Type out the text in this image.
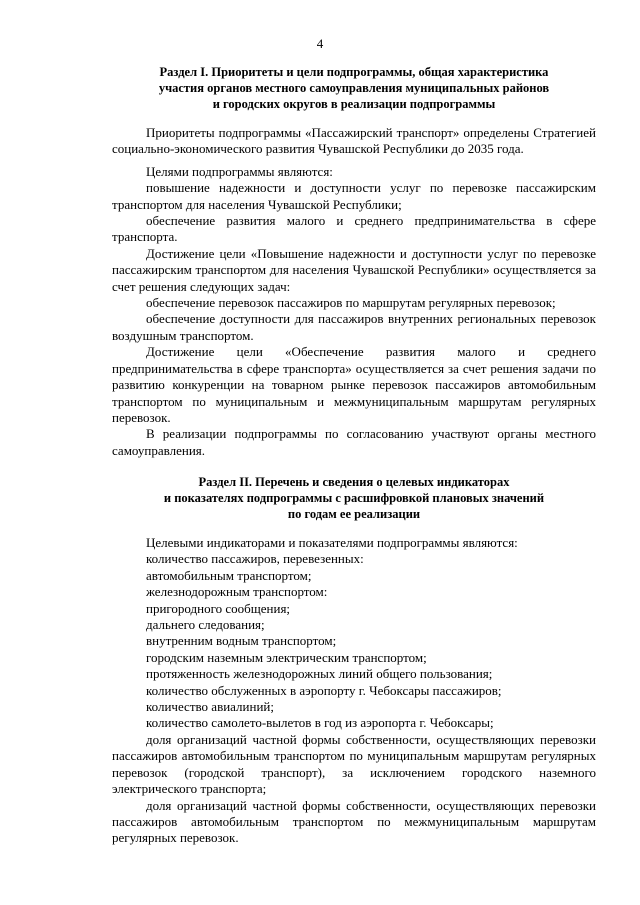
4
Раздел I. Приоритеты и цели подпрограммы, общая характеристика
участия органов местного самоуправления муниципальных районов
и городских округов в реализации подпрограммы

Приоритеты подпрограммы «Пассажирский транспорт» определены Стратегией социально-экономического развития Чувашской Республики до 2035 года.

Целями подпрограммы являются:

повышение надежности и доступности услуг по перевозке пассажирским транспортом для населения Чувашской Республики;

обеспечение развития малого и среднего предпринимательства в сфере транспорта.

Достижение цели «Повышение надежности и доступности услуг по перевозке пассажирским транспортом для населения Чувашской Республики» осуществляется за счет решения следующих задач:

обеспечение перевозок пассажиров по маршрутам регулярных перевозок;

обеспечение доступности для пассажиров внутренних региональных перевозок воздушным транспортом.

Достижение цели «Обеспечение развития малого и среднего предпринимательства в сфере транспорта» осуществляется за счет решения задачи по развитию конкуренции на товарном рынке перевозок пассажиров автомобильным транспортом по муниципальным и межмуниципальным маршрутам регулярных перевозок.

В реализации подпрограммы по согласованию участвуют органы местного самоуправления.

Раздел II. Перечень и сведения о целевых индикаторах
и показателях подпрограммы с расшифровкой плановых значений
по годам ее реализации

Целевыми индикаторами и показателями подпрограммы являются:

количество пассажиров, перевезенных:

автомобильным транспортом;

железнодорожным транспортом:

пригородного сообщения;

дальнего следования;

внутренним водным транспортом;

городским наземным электрическим транспортом;

протяженность железнодорожных линий общего пользования;

количество обслуженных в аэропорту г. Чебоксары пассажиров;

количество авиалиний;

количество самолето-вылетов в год из аэропорта г. Чебоксары;

доля организаций частной формы собственности, осуществляющих перевозки пассажиров автомобильным транспортом по муниципальным маршрутам регулярных перевозок (городской транспорт), за исключением городского наземного электрического транспорта;

доля организаций частной формы собственности, осуществляющих перевозки пассажиров автомобильным транспортом по межмуниципальным маршрутам регулярных перевозок.
